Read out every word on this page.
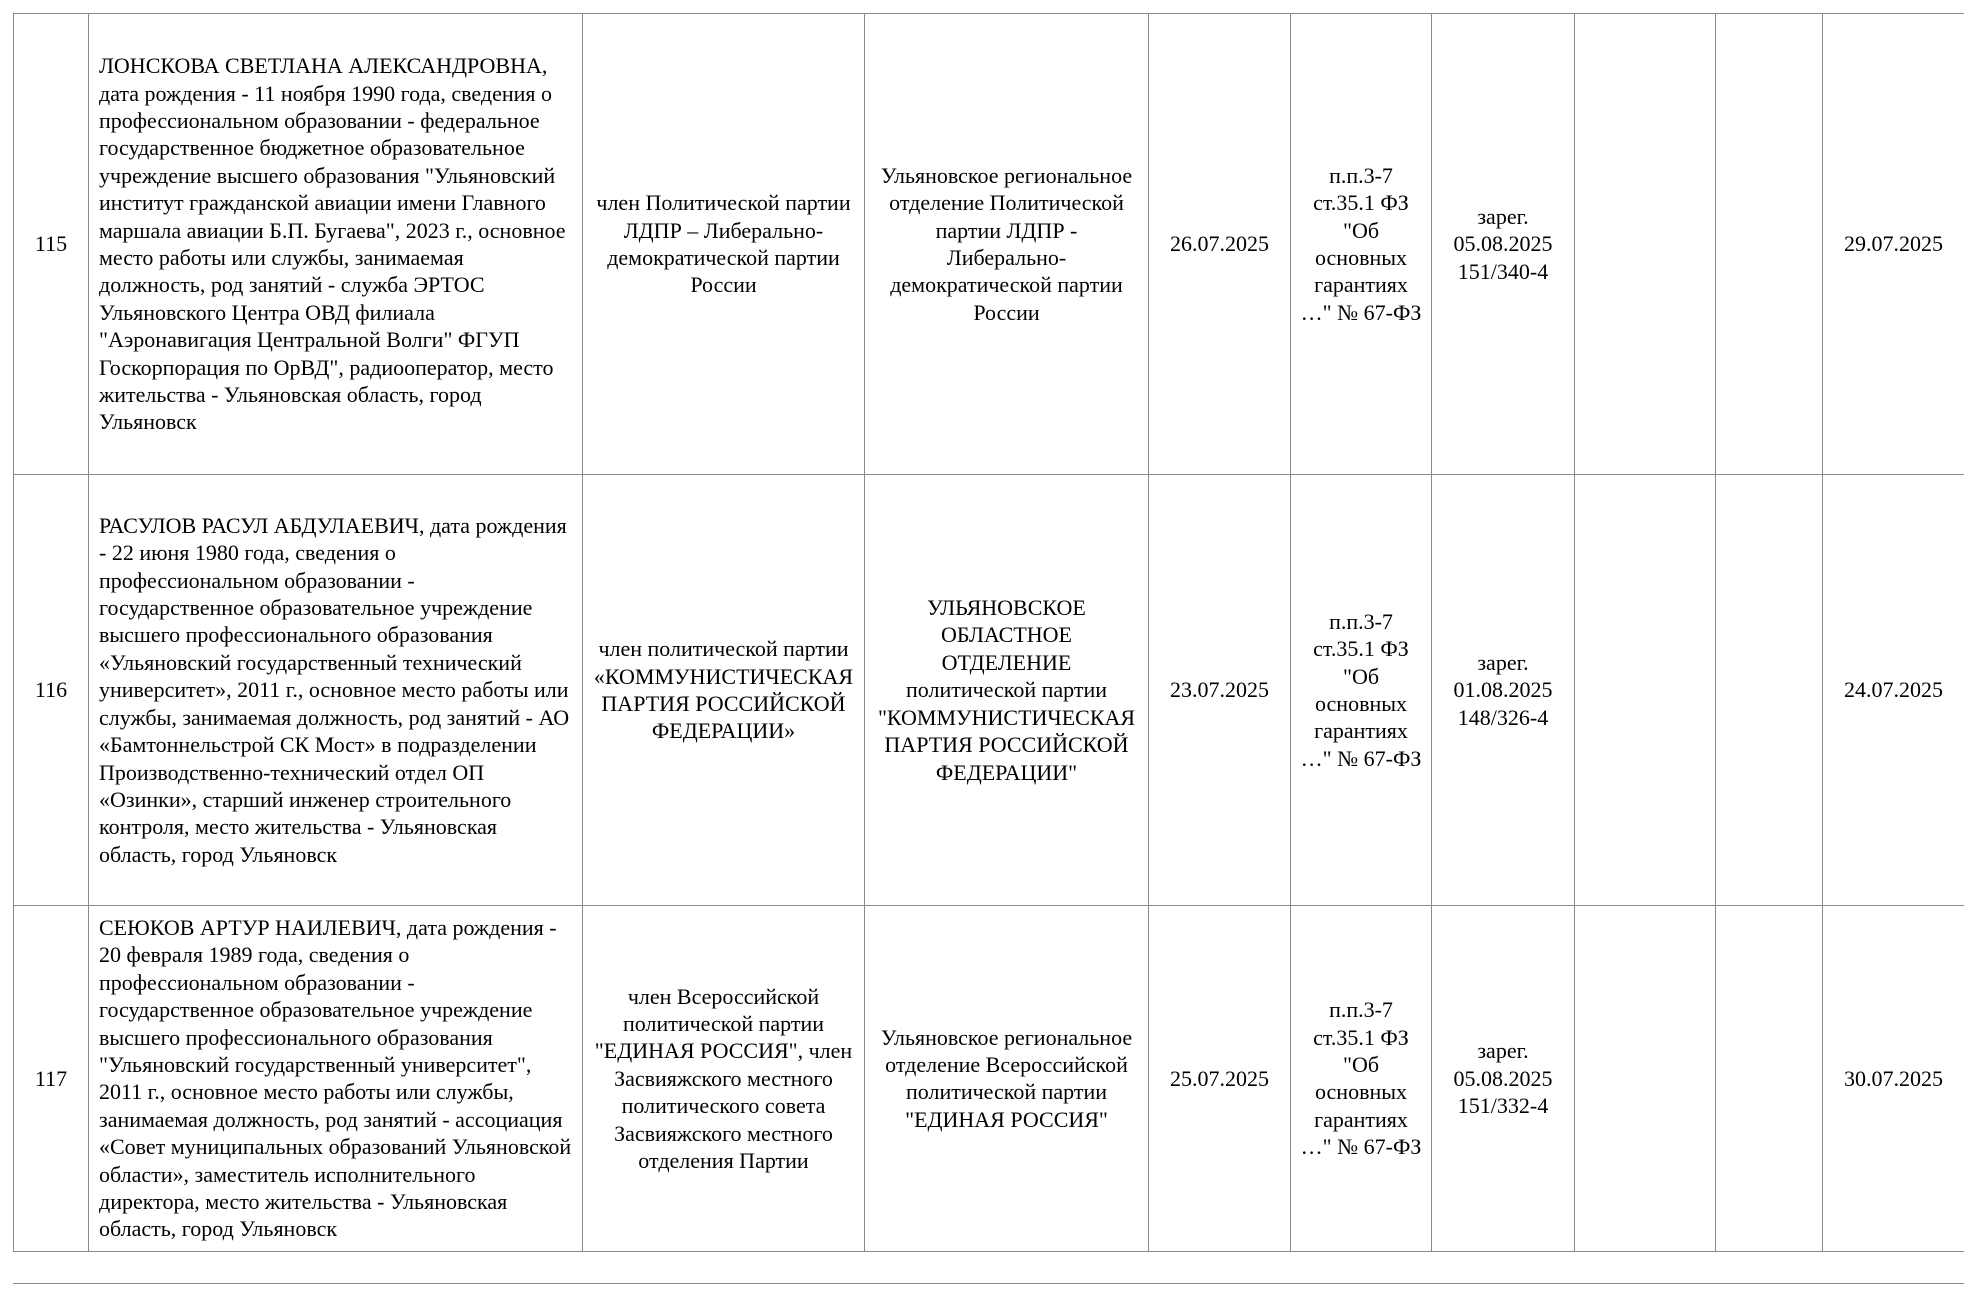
115	ЛОНСКОВА СВЕТЛАНА АЛЕКСАНДРОВНА, дата рождения - 11 ноября 1990 года, сведения о профессиональном образовании - федеральное государственное бюджетное образовательное учреждение высшего образования "Ульяновский институт гражданской авиации имени Главного маршала авиации Б.П. Бугаева", 2023 г., основное место работы или службы, занимаемая должность, род занятий - служба ЭРТОС Ульяновского Центра ОВД филиала "Аэронавигация Центральной Волги" ФГУП Госкорпорация по ОрВД", радиооператор, место жительства - Ульяновская область, город Ульяновск	член Политической партии ЛДПР – Либерально-демократической партии России	Ульяновское региональное отделение Политической партии ЛДПР - Либерально-демократической партии России	26.07.2025	п.п.3-7 ст.35.1 ФЗ "Об основных гарантиях …" № 67-ФЗ	зарег. 05.08.2025 151/340-4			29.07.2025
116	РАСУЛОВ РАСУЛ АБДУЛАЕВИЧ, дата рождения - 22 июня 1980 года, сведения о профессиональном образовании - государственное образовательное учреждение высшего профессионального образования «Ульяновский государственный технический университет», 2011 г., основное место работы или службы, занимаемая должность, род занятий - АО «Бамтоннельстрой СК Мост» в подразделении Производственно-технический отдел ОП «Озинки», старший инженер строительного контроля, место жительства - Ульяновская область, город Ульяновск	член политической партии «КОММУНИСТИЧЕСКАЯ ПАРТИЯ РОССИЙСКОЙ ФЕДЕРАЦИИ»	УЛЬЯНОВСКОЕ ОБЛАСТНОЕ ОТДЕЛЕНИЕ политической партии "КОММУНИСТИЧЕСКАЯ ПАРТИЯ РОССИЙСКОЙ ФЕДЕРАЦИИ"	23.07.2025	п.п.3-7 ст.35.1 ФЗ "Об основных гарантиях …" № 67-ФЗ	зарег. 01.08.2025 148/326-4			24.07.2025
117	СЕЮКОВ АРТУР НАИЛЕВИЧ, дата рождения - 20 февраля 1989 года, сведения о профессиональном образовании - государственное образовательное учреждение высшего профессионального образования "Ульяновский государственный университет", 2011 г., основное место работы или службы, занимаемая должность, род занятий - ассоциация «Совет муниципальных образований Ульяновской области», заместитель исполнительного директора, место жительства - Ульяновская область, город Ульяновск	член Всероссийской политической партии "ЕДИНАЯ РОССИЯ", член Засвияжского местного политического совета Засвияжского местного отделения Партии	Ульяновское региональное отделение Всероссийской политической партии "ЕДИНАЯ РОССИЯ"	25.07.2025	п.п.3-7 ст.35.1 ФЗ "Об основных гарантиях …" № 67-ФЗ	зарег. 05.08.2025 151/332-4			30.07.2025
